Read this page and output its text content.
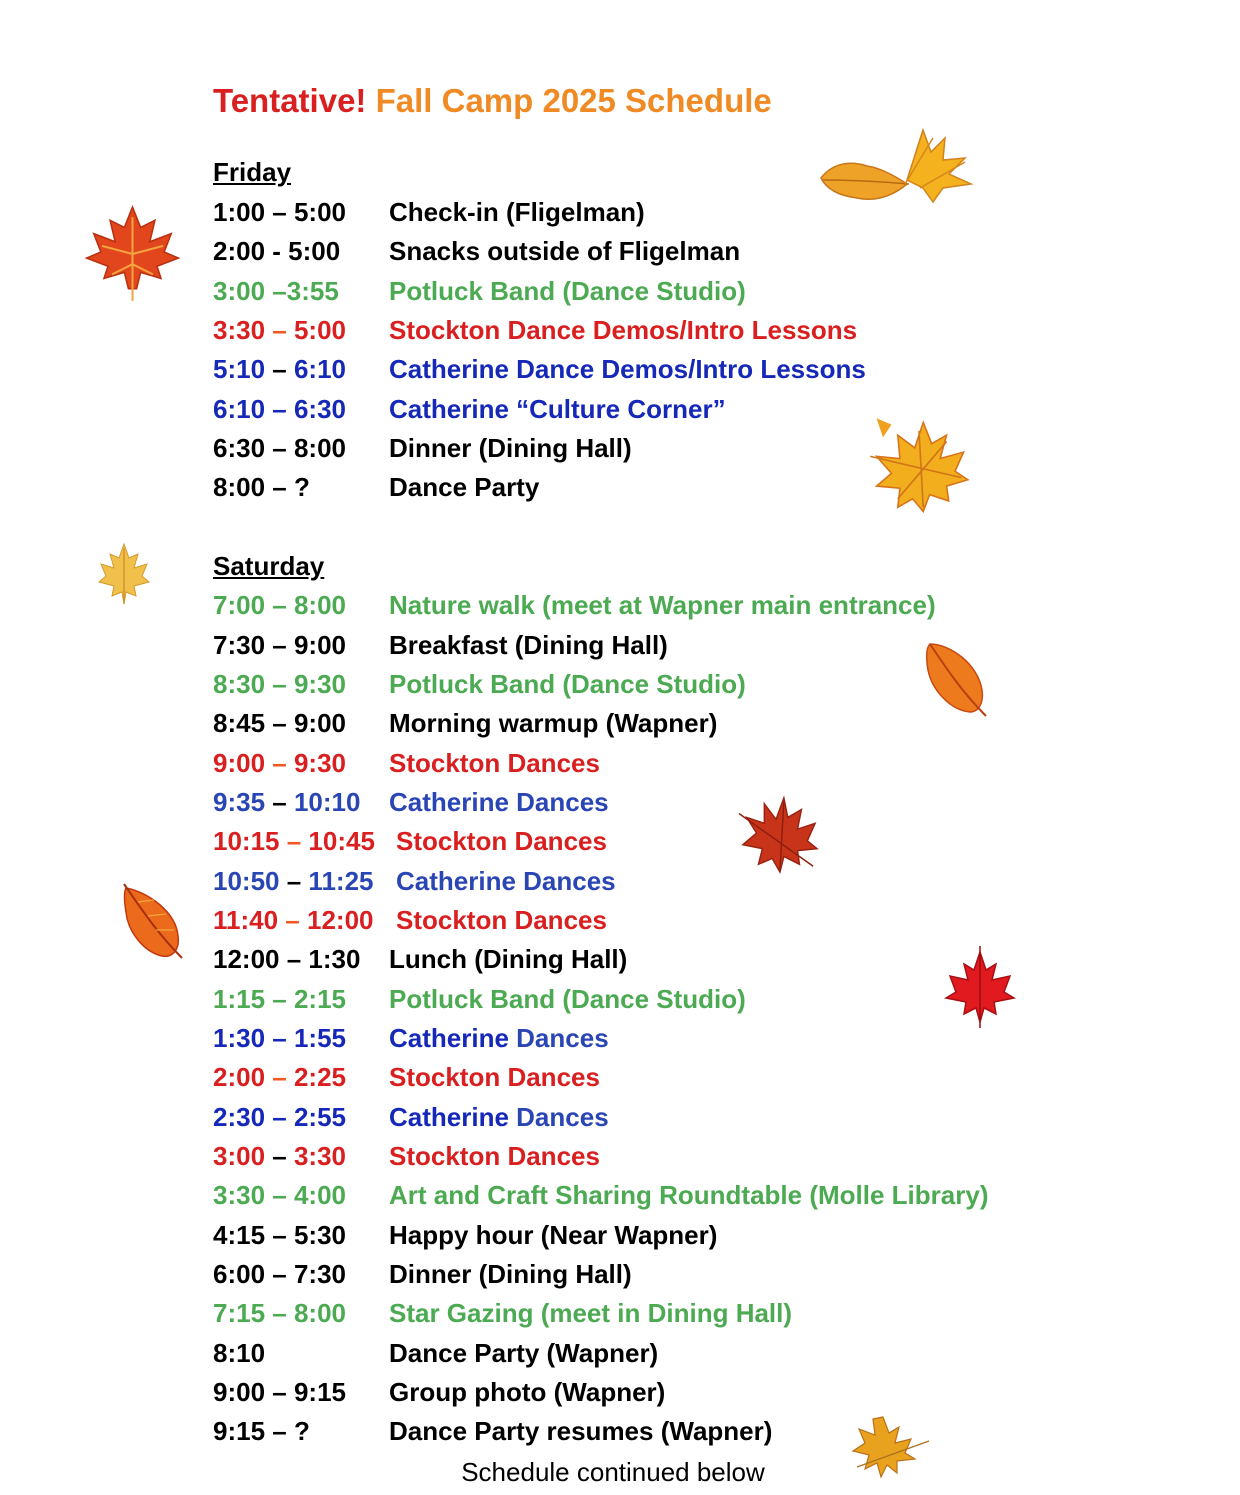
Tentative! Fall Camp 2025 Schedule
Friday
1:00 – 5:00 Check-in (Fligelman)
2:00 - 5:00 Snacks outside of Fligelman
3:00 –3:55 Potluck Band (Dance Studio)
3:30 – 5:00 Stockton Dance Demos/Intro Lessons
5:10 – 6:10 Catherine Dance Demos/Intro Lessons
6:10 – 6:30 Catherine “Culture Corner”
6:30 – 8:00 Dinner (Dining Hall)
8:00 – ?	Dance Party
Saturday
7:00 – 8:00 Nature walk (meet at Wapner main entrance)
7:30 – 9:00 Breakfast (Dining Hall)
8:30 – 9:30 Potluck Band (Dance Studio)
8:45 – 9:00 Morning warmup (Wapner)
9:00 – 9:30 Stockton Dances
9:35 – 10:10 Catherine Dances
10:15 – 10:45 Stockton Dances
10:50 – 11:25 Catherine Dances
11:40 – 12:00 Stockton Dances
12:00 – 1:30 Lunch (Dining Hall)
1:15 – 2:15 Potluck Band (Dance Studio)
1:30 – 1:55 Catherine Dances
2:00 – 2:25 Stockton Dances
2:30 – 2:55 Catherine Dances
3:00 – 3:30 Stockton Dances
3:30 – 4:00 Art and Craft Sharing Roundtable (Molle Library)
4:15 – 5:30 Happy hour (Near Wapner)
6:00 – 7:30 Dinner (Dining Hall)
7:15 – 8:00 Star Gazing (meet in Dining Hall)
8:10	Dance Party (Wapner)
9:00 – 9:15 Group photo (Wapner)
9:15 – ?	Dance Party resumes (Wapner)
Schedule continued below
